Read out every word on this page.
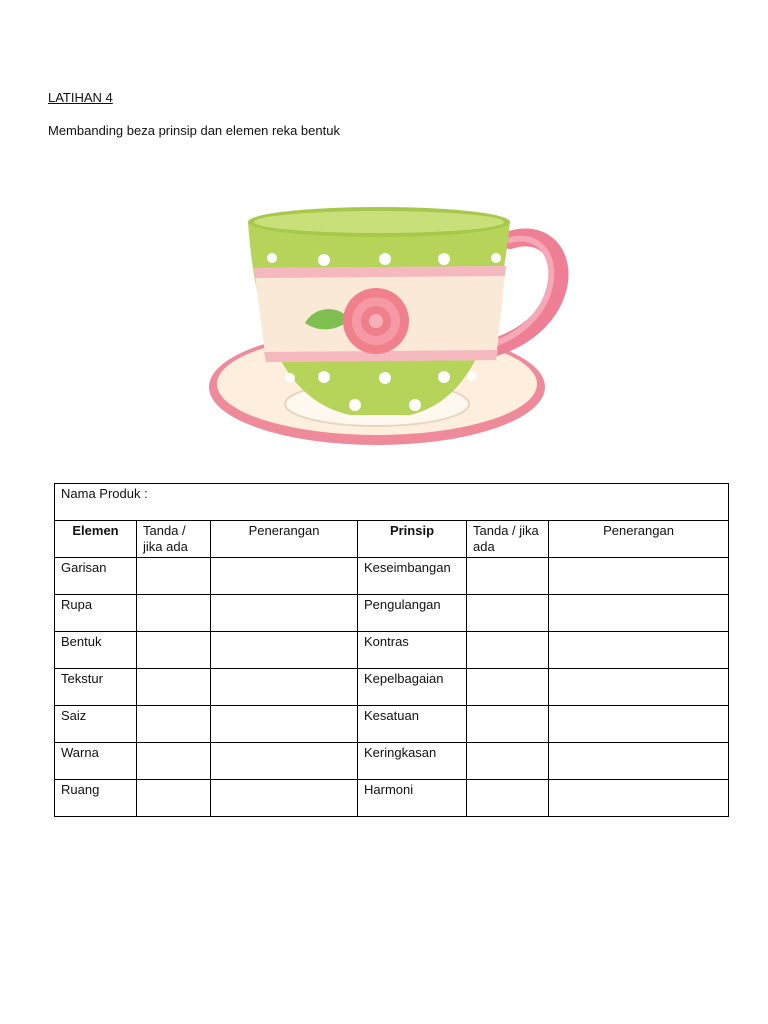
LATIHAN 4
Membanding beza prinsip dan elemen reka bentuk
Nama Produk :					
Elemen	Tanda / jika ada	Penerangan	Prinsip	Tanda / jika ada	Penerangan
Garisan			Keseimbangan		
Rupa			Pengulangan		
Bentuk			Kontras		
Tekstur			Kepelbagaian		
Saiz			Kesatuan		
Warna			Keringkasan		
Ruang			Harmoni		
